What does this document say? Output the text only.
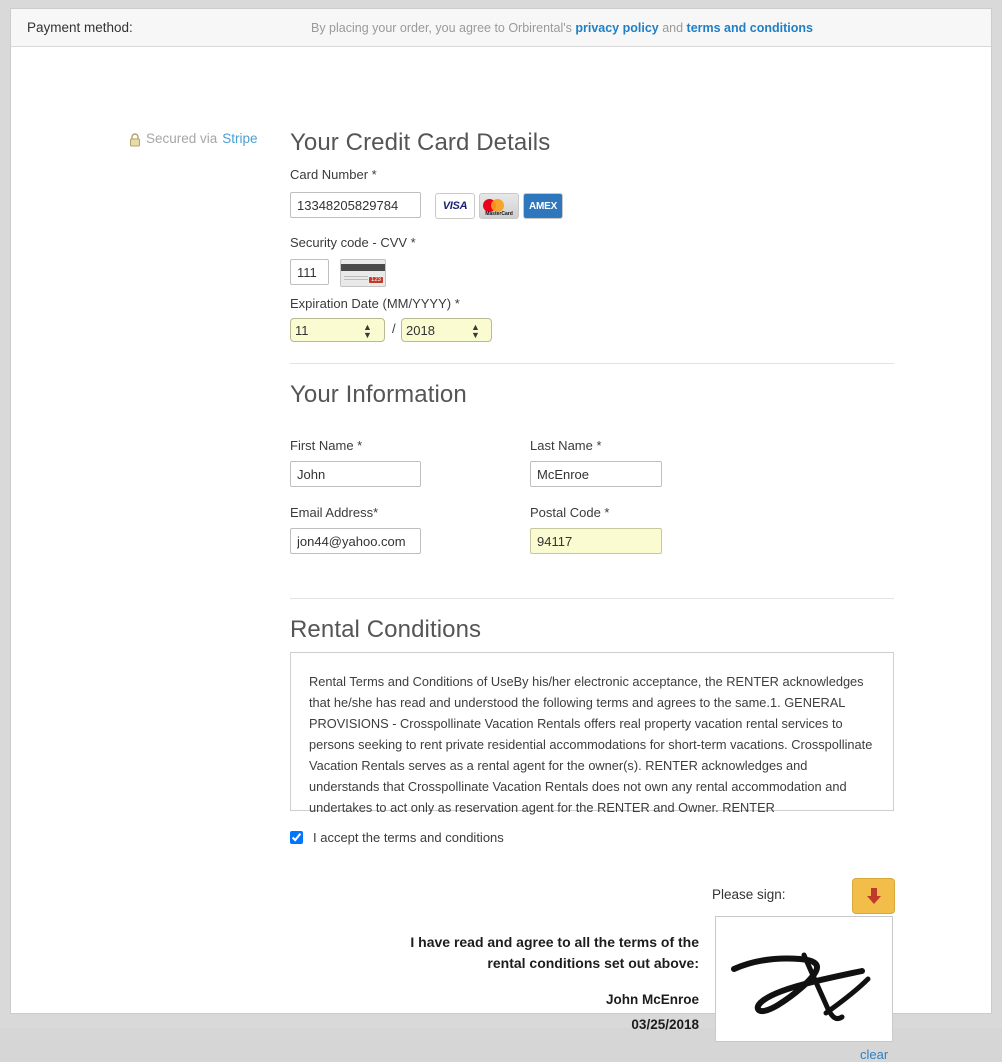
Payment method:	By placing your order, you agree to Orbirental's privacy policy and terms and conditions
Secured via Stripe Your Credit Card Details
Card Number *
13348205829784
VISA
MasterCard
AMEX
Security code - CVV *
111
123
Expiration Date (MM/YYYY) *
11
▲
▼ /
2018	▲
▼
Your Information
First Name *
John	Last Name *
McEnroe
Email Address*
jon44@yahoo.com	Postal Code *
94117
Rental Conditions

Rental Terms and Conditions of UseBy his/her electronic acceptance, the RENTER acknowledges that he/she has read and understood the following terms and agrees to the same.1. GENERAL PROVISIONS - Crosspollinate Vacation Rentals offers real property vacation rental services to persons seeking to rent private residential accommodations for short-term vacations. Crosspollinate Vacation Rentals serves as a rental agent for the owner(s). RENTER acknowledges and understands that Crosspollinate Vacation Rentals does not own any rental accommodation and undertakes to act only as reservation agent for the RENTER and Owner. RENTER

I accept the terms and conditions
Please sign:
I have read and agree to all the terms of the rental conditions set out above:
John McEnroe
03/25/2018
clear
